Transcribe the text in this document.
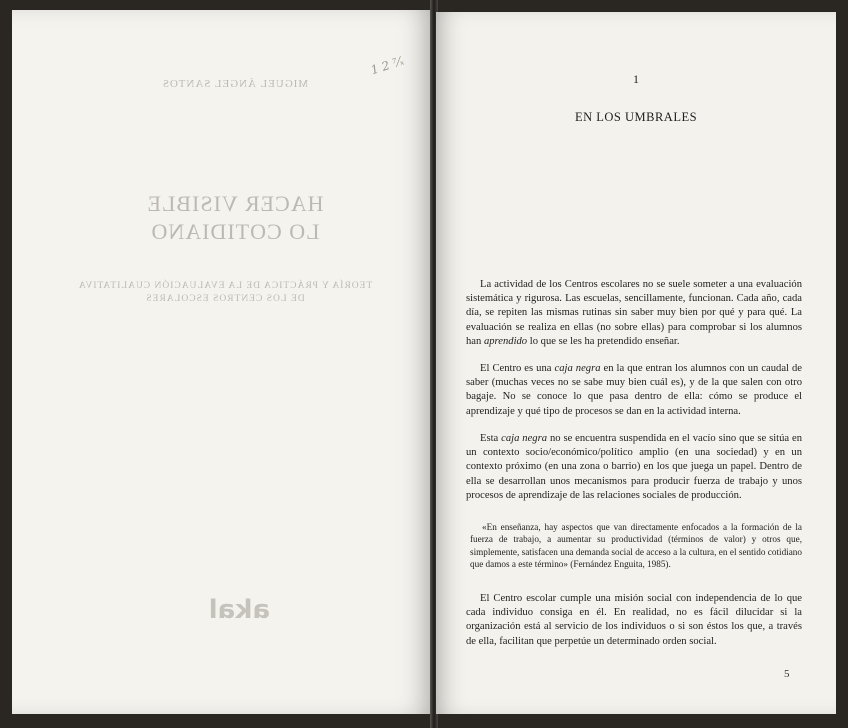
MIGUEL ÁNGEL SANTOS
HACER VISIBLE
LO COTIDIANO
TEORÍA Y PRÁCTICA DE LA EVALUACIÓN CUALITATIVA
DE LOS CENTROS ESCOLARES
akal
1 2 ⁷⁄ₓ
1
EN LOS UMBRALES

La actividad de los Centros escolares no se suele someter a una evaluación sistemática y rigurosa. Las escuelas, sencillamente, funcionan. Cada año, cada día, se repiten las mismas rutinas sin saber muy bien por qué y para qué. La evaluación se realiza en ellas (no sobre ellas) para comprobar si los alumnos han aprendido lo que se les ha pretendido enseñar.

El Centro es una caja negra en la que entran los alumnos con un caudal de saber (muchas veces no se sabe muy bien cuál es), y de la que salen con otro bagaje. No se conoce lo que pasa dentro de ella: cómo se produce el aprendizaje y qué tipo de procesos se dan en la actividad interna.

Esta caja negra no se encuentra suspendida en el vacío sino que se sitúa en un contexto socio/económico/político amplio (en una sociedad) y en un contexto próximo (en una zona o barrio) en los que juega un papel. Dentro de ella se desarrollan unos mecanismos para producir fuerza de trabajo y unos procesos de aprendizaje de las relaciones sociales de producción.

«En enseñanza, hay aspectos que van directamente enfocados a la formación de la fuerza de trabajo, a aumentar su productividad (términos de valor) y otros que, simplemente, satisfacen una demanda social de acceso a la cultura, en el sentido cotidiano que damos a este término» (Fernández Enguita, 1985).

El Centro escolar cumple una misión social con independencia de lo que cada individuo consiga en él. En realidad, no es fácil dilucidar si la organización está al servicio de los individuos o si son éstos los que, a través de ella, facilitan que perpetúe un determinado orden social.

5
